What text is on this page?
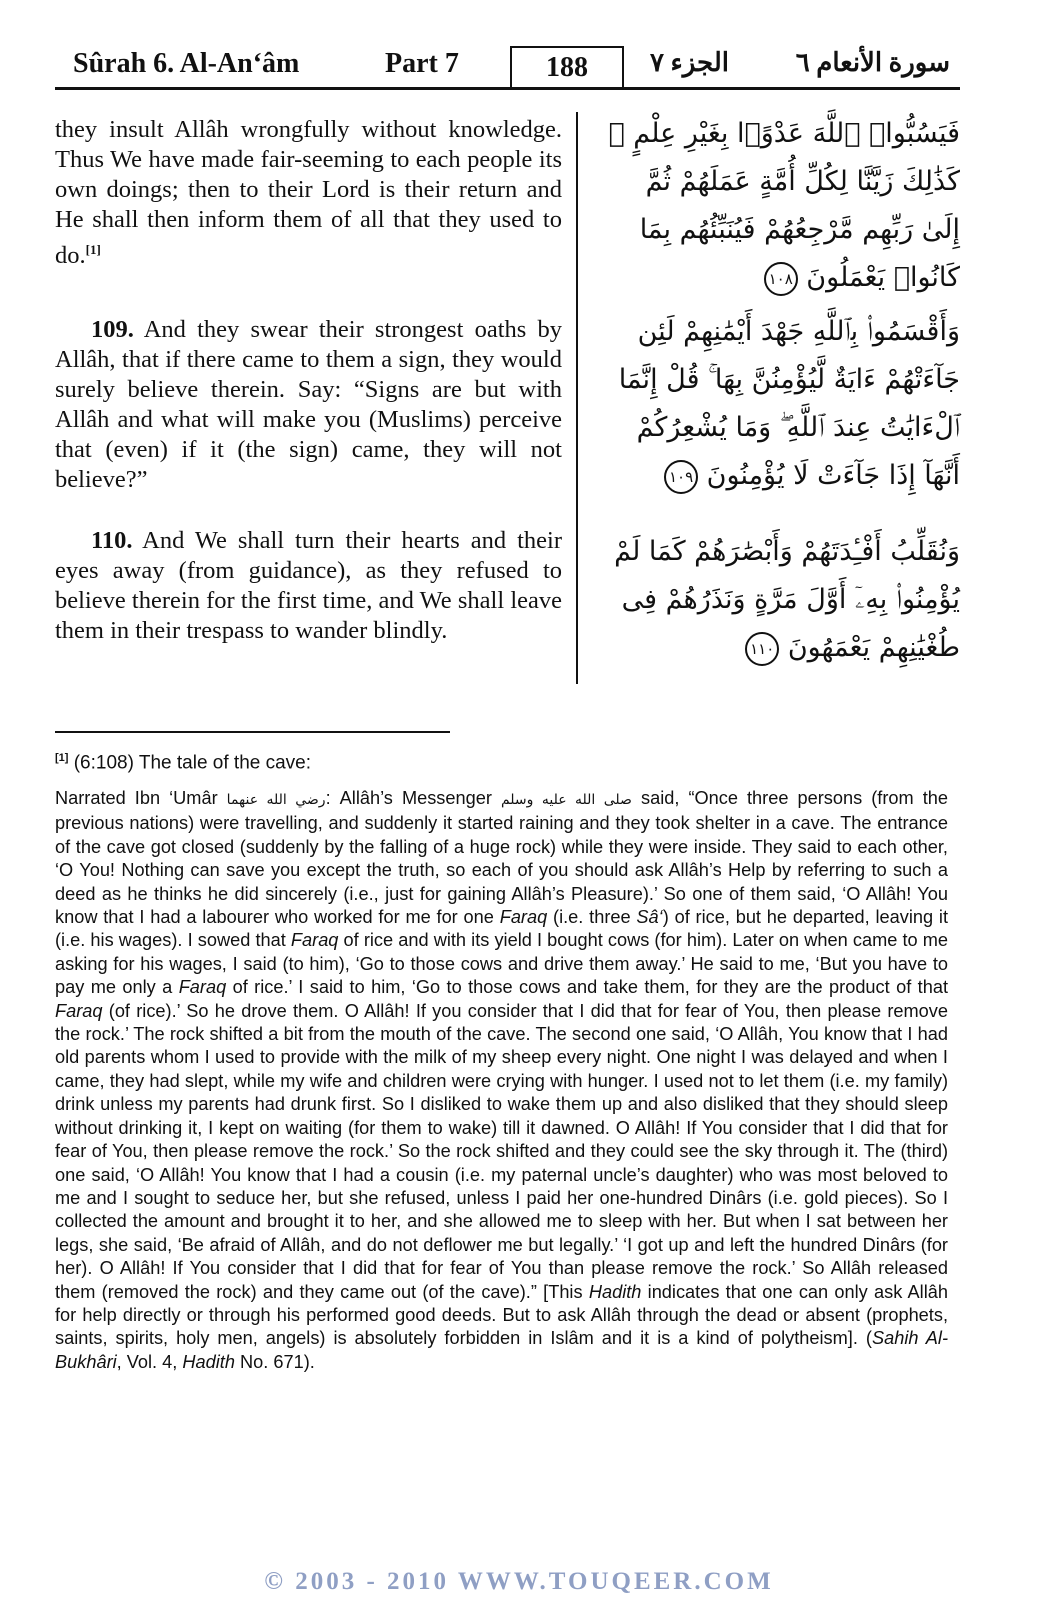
Sûrah 6. Al-An‘âm	Part 7	188	الجزء ٧	سورة الأنعام ٦

they insult Allâh wrongfully without knowledge. Thus We have made fair-seeming to each people its own doings; then to their Lord is their return and He shall then inform them of all that they used to do.[1]

109. And they swear their strongest oaths by Allâh, that if there came to them a sign, they would surely believe therein. Say: “Signs are but with Allâh and what will make you (Muslims) perceive that (even) if it (the sign) came, they will not believe?”

110. And We shall turn their hearts and their eyes away (from guidance), as they refused to believe therein for the first time, and We shall leave them in their trespass to wander blindly.

فَيَسُبُّوا۟ ٱللَّهَ عَدْوًۢا بِغَيْرِ عِلْمٍ ۗ كَذَٰلِكَ زَيَّنَّا لِكُلِّ أُمَّةٍ عَمَلَهُمْ ثُمَّ إِلَىٰ رَبِّهِم مَّرْجِعُهُمْ فَيُنَبِّئُهُم بِمَا كَانُوا۟ يَعْمَلُونَ ١٠٨

وَأَقْسَمُوا۟ بِٱللَّهِ جَهْدَ أَيْمَٰنِهِمْ لَئِن جَآءَتْهُمْ ءَايَةٌ لَّيُؤْمِنُنَّ بِهَا ۚ قُلْ إِنَّمَا ٱلْءَايَٰتُ عِندَ ٱللَّهِ ۖ وَمَا يُشْعِرُكُمْ أَنَّهَآ إِذَا جَآءَتْ لَا يُؤْمِنُونَ ١٠٩

وَنُقَلِّبُ أَفْـِٔدَتَهُمْ وَأَبْصَٰرَهُمْ كَمَا لَمْ يُؤْمِنُوا۟ بِهِۦٓ أَوَّلَ مَرَّةٍ وَنَذَرُهُمْ فِى طُغْيَٰنِهِمْ يَعْمَهُونَ ١١٠

[1] (6:108) The tale of the cave:

Narrated Ibn ‘Umâr رضي الله عنهما: Allâh’s Messenger صلى الله عليه وسلم said, “Once three persons (from the previous nations) were travelling, and suddenly it started raining and they took shelter in a cave. The entrance of the cave got closed (suddenly by the falling of a huge rock) while they were inside. They said to each other, ‘O You! Nothing can save you except the truth, so each of you should ask Allâh’s Help by referring to such a deed as he thinks he did sincerely (i.e., just for gaining Allâh’s Pleasure).’ So one of them said, ‘O Allâh! You know that I had a labourer who worked for me for one Faraq (i.e. three Sâ‘) of rice, but he departed, leaving it (i.e. his wages). I sowed that Faraq of rice and with its yield I bought cows (for him). Later on when came to me asking for his wages, I said (to him), ‘Go to those cows and drive them away.’ He said to me, ‘But you have to pay me only a Faraq of rice.’ I said to him, ‘Go to those cows and take them, for they are the product of that Faraq (of rice).’ So he drove them. O Allâh! If you consider that I did that for fear of You, then please remove the rock.’ The rock shifted a bit from the mouth of the cave. The second one said, ‘O Allâh, You know that I had old parents whom I used to provide with the milk of my sheep every night. One night I was delayed and when I came, they had slept, while my wife and children were crying with hunger. I used not to let them (i.e. my family) drink unless my parents had drunk first. So I disliked to wake them up and also disliked that they should sleep without drinking it, I kept on waiting (for them to wake) till it dawned. O Allâh! If You consider that I did that for fear of You, then please remove the rock.’ So the rock shifted and they could see the sky through it. The (third) one said, ‘O Allâh! You know that I had a cousin (i.e. my paternal uncle’s daughter) who was most beloved to me and I sought to seduce her, but she refused, unless I paid her one-hundred Dinârs (i.e. gold pieces). So I collected the amount and brought it to her, and she allowed me to sleep with her. But when I sat between her legs, she said, ‘Be afraid of Allâh, and do not deflower me but legally.’ ‘I got up and left the hundred Dinârs (for her). O Allâh! If You consider that I did that for fear of You than please remove the rock.’ So Allâh released them (removed the rock) and they came out (of the cave).” [This Hadith indicates that one can only ask Allâh for help directly or through his performed good deeds. But to ask Allâh through the dead or absent (prophets, saints, spirits, holy men, angels) is absolutely forbidden in Islâm and it is a kind of polytheism]. (Sahih Al-Bukhâri, Vol. 4, Hadith No. 671).

© 2003 - 2010 WWW.TOUQEER.COM
